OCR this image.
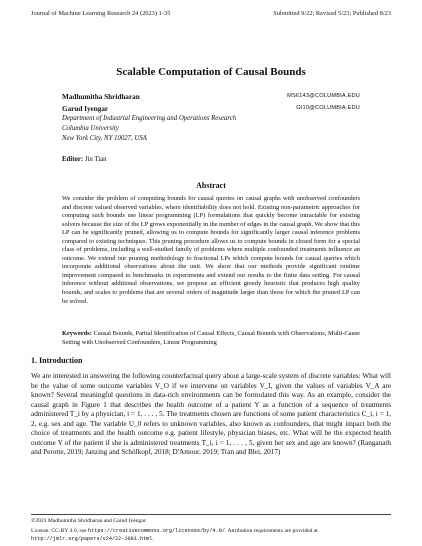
Journal of Machine Learning Research 24 (2023) 1-35	Submitted 9/22; Revised 5/23; Published 8/23
Scalable Computation of Causal Bounds
Madhumitha Shridharan	MS6143@COLUMBIA.EDU
Garud Iyengar	GI10@COLUMBIA.EDU
Department of Industrial Engineering and Operations Research
Columbia University
New York City, NY 10027, USA
Editor: Jin Tian
Abstract
We consider the problem of computing bounds for causal queries on causal graphs with unobserved confounders and discrete valued observed variables, where identifiability does not hold. Existing non-parametric approaches for computing such bounds use linear programming (LP) formulations that quickly become intractable for existing solvers because the size of the LP grows exponentially in the number of edges in the causal graph. We show that this LP can be significantly pruned, allowing us to compute bounds for significantly larger causal inference problems compared to existing techniques. This pruning procedure allows us to compute bounds in closed form for a special class of problems, including a well-studied family of problems where multiple confounded treatments influence an outcome. We extend our pruning methodology to fractional LPs which compute bounds for causal queries which incorporate additional observations about the unit. We show that our methods provide significant runtime improvement compared to benchmarks in experiments and extend our results to the finite data setting. For causal inference without additional observations, we propose an efficient greedy heuristic that produces high quality bounds, and scales to problems that are several orders of magnitude larger than those for which the pruned LP can be solved.
1. Introduction
We are interested in answering the following counterfactual query about a large-scale system of discrete variables: What will be the value of some outcome variables V_O if we intervene on variables V_I, given the values of variables V_A are known? Several meaningful questions in data-rich environments can be formulated this way. As an example, consider the causal graph in Figure 1 that describes the health outcome of a patient Y as a function of a sequence of treatments administered T_i by a physician, i = 1, . . . , 5. The treatments chosen are functions of some patient characteristics C_i, i = 1, 2, e.g. sex and age. The variable U_0 refers to unknown variables, also known as confounders, that might impact both the choice of treatments and the health outcome e.g. patient lifestyle, physician biases, etc. What will be the expected health outcome Y of the patient if she is administered treatments T_i, i = 1, . . . , 5, given her sex and age are known? (Ranganath and Perotte, 2019; Janzing and Schölkopf, 2018; D'Amour, 2019; Tran and Blei, 2017)
©2023 Madhumitha Shridharan and Garud Iyengar.
License: CC-BY 4.0, see https://creativecommons.org/licenses/by/4.0/. Attribution requirements are provided at http://jmlr.org/papers/v24/22-1081.html.
Keywords: Causal Bounds, Partial Identification of Causal Effects, Causal Bounds with Observations, Multi-Cause Setting with Unobserved Confounders, Linear Programming
